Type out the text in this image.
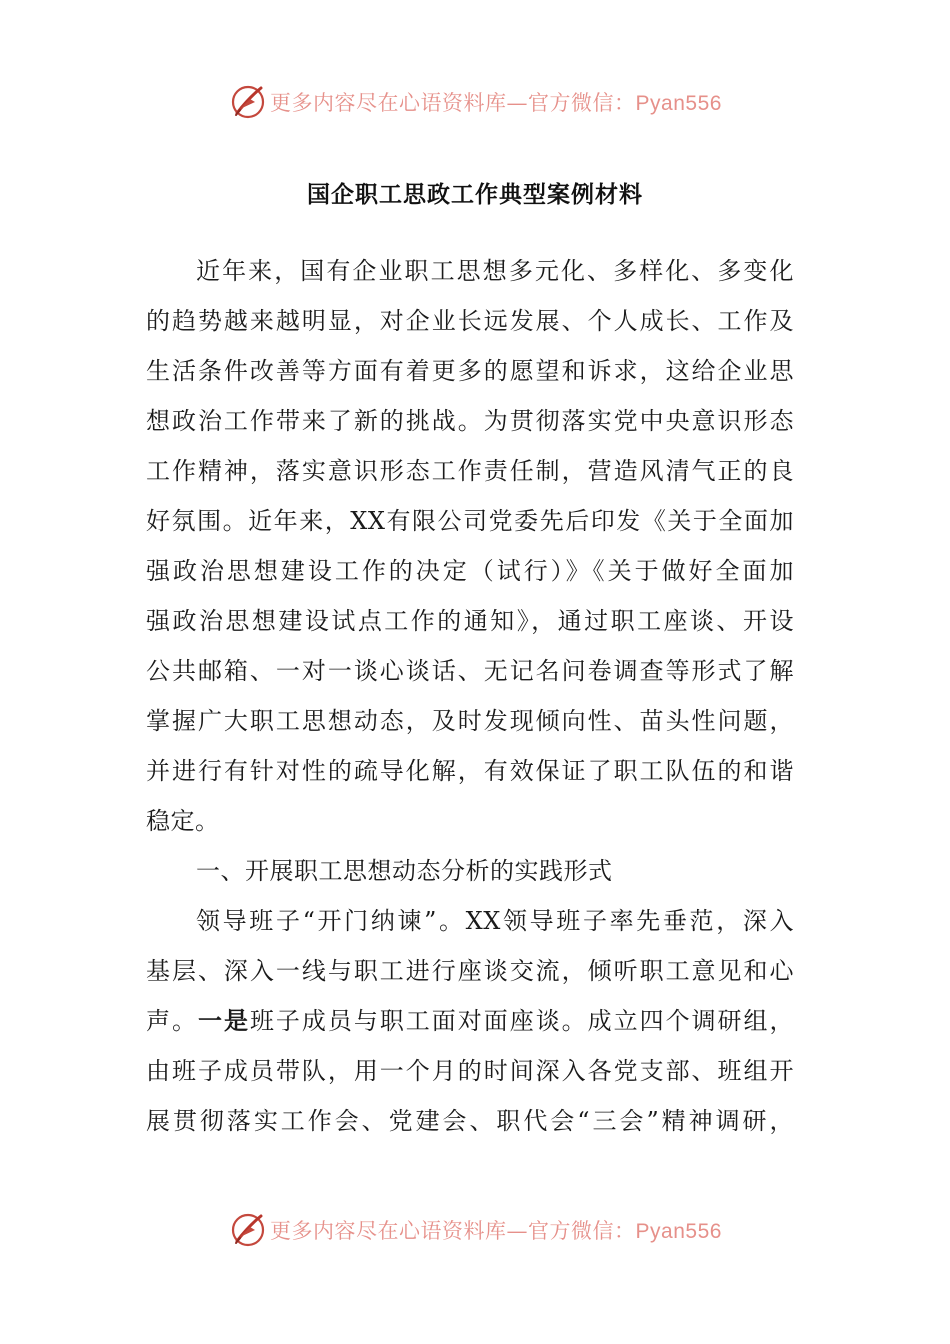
更多内容尽在心语资料库—官方微信：Pyan556
国企职工思政工作典型案例材料
近年来，国有企业职工思想多元化、多样化、多变化
的趋势越来越明显，对企业长远发展、个人成长、工作及
生活条件改善等方面有着更多的愿望和诉求，这给企业思
想政治工作带来了新的挑战。为贯彻落实党中央意识形态
工作精神，落实意识形态工作责任制，营造风清气正的良
好氛围。近年来，XX有限公司党委先后印发《关于全面加
强政治思想建设工作的决定（试行）》《关于做好全面加
强政治思想建设试点工作的通知》，通过职工座谈、开设
公共邮箱、一对一谈心谈话、无记名问卷调查等形式了解
掌握广大职工思想动态，及时发现倾向性、苗头性问题，
并进行有针对性的疏导化解，有效保证了职工队伍的和谐
稳定。
一、开展职工思想动态分析的实践形式
领导班子“开门纳谏”。XX领导班子率先垂范，深入
基层、深入一线与职工进行座谈交流，倾听职工意见和心
声。一是班子成员与职工面对面座谈。成立四个调研组，
由班子成员带队，用一个月的时间深入各党支部、班组开
展贯彻落实工作会、党建会、职代会“三会”精神调研，
更多内容尽在心语资料库—官方微信：Pyan556
